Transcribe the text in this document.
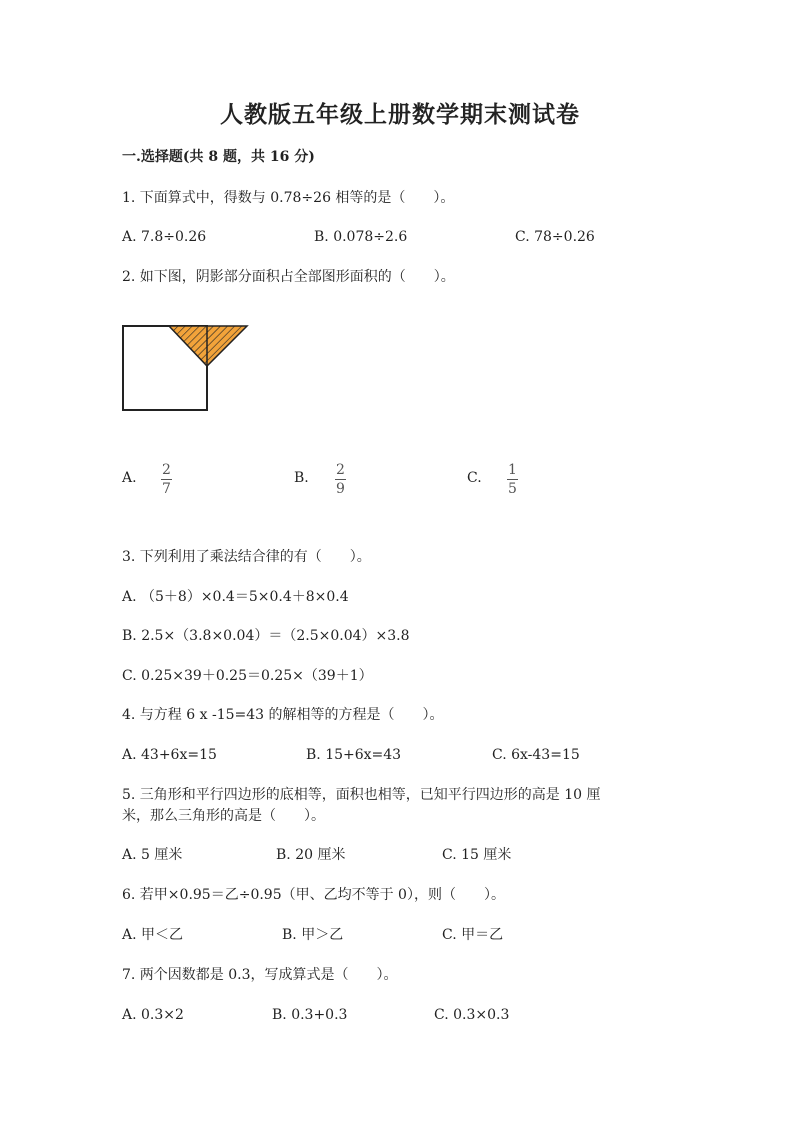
人教版五年级上册数学期末测试卷
一.选择题(共 8 题，共 16 分)
1. 下面算式中，得数与 0.78÷26 相等的是（　　）。
A. 7.8÷0.26	B. 0.078÷2.6	C. 78÷0.26
2. 如下图，阴影部分面积占全部图形面积的（　　）。
A. 2
7
B. 2
9
C. 1
5
3. 下列利用了乘法结合律的有（　　）。
A. （5＋8）×0.4＝5×0.4＋8×0.4
B. 2.5×（3.8×0.04）＝（2.5×0.04）×3.8
C. 0.25×39＋0.25＝0.25×（39＋1）
4. 与方程 6 x -15=43 的解相等的方程是（　　）。
A. 43+6x=15	B. 15+6x=43	C. 6x-43=15
5. 三角形和平行四边形的底相等，面积也相等，已知平行四边形的高是 10 厘
米，那么三角形的高是（　　）。
A. 5 厘米	B. 20 厘米	C. 15 厘米
6. 若甲×0.95＝乙÷0.95（甲、乙均不等于 0），则（　　）。
A. 甲＜乙	B. 甲＞乙	C. 甲＝乙
7. 两个因数都是 0.3，写成算式是（　　）。
A. 0.3×2	B. 0.3+0.3	C. 0.3×0.3
